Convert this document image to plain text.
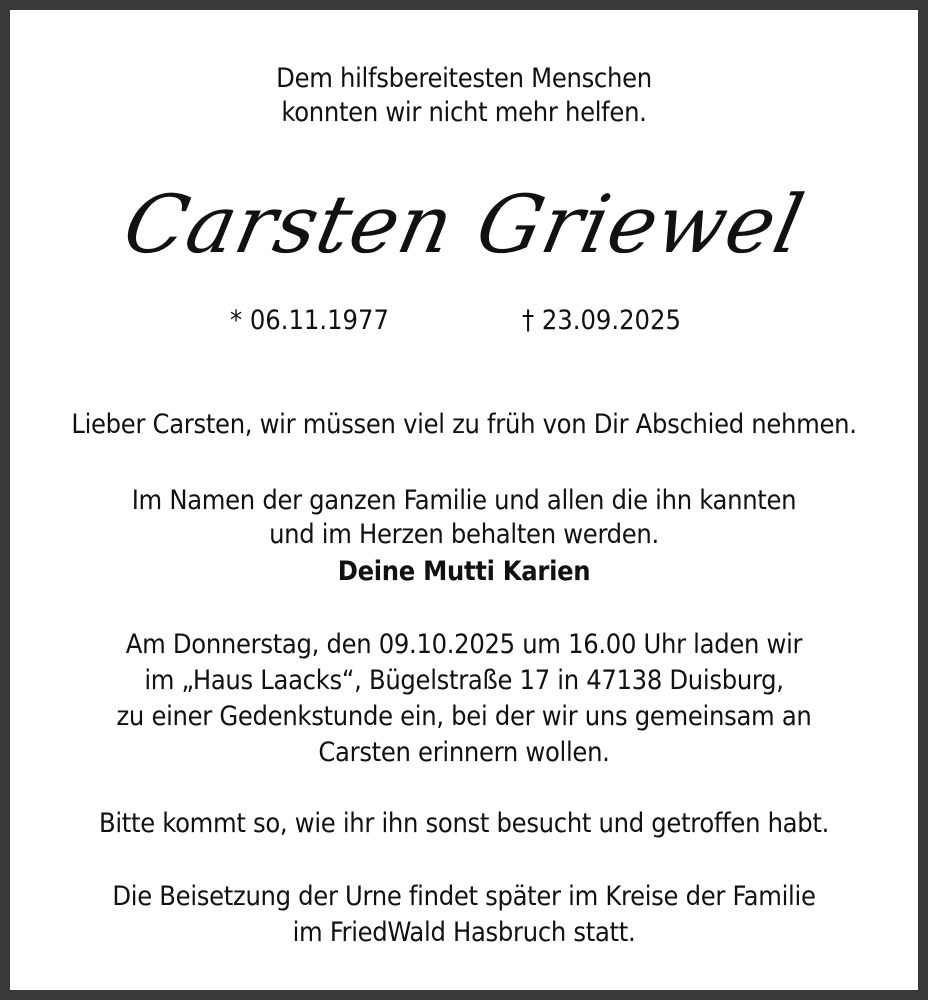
Dem hilfsbereitesten Menschen
konnten wir nicht mehr helfen.
Carsten Griewel
* 06.11.1977	† 23.09.2025
Lieber Carsten, wir müssen viel zu früh von Dir Abschied nehmen.
Im Namen der ganzen Familie und allen die ihn kannten
und im Herzen behalten werden.
Deine Mutti Karien
Am Donnerstag, den 09.10.2025 um 16.00 Uhr laden wir
im „Haus Laacks“, Bügelstraße 17 in 47138 Duisburg,
zu einer Gedenkstunde ein, bei der wir uns gemeinsam an
Carsten erinnern wollen.
Bitte kommt so, wie ihr ihn sonst besucht und getroffen habt.
Die Beisetzung der Urne findet später im Kreise der Familie
im FriedWald Hasbruch statt.
